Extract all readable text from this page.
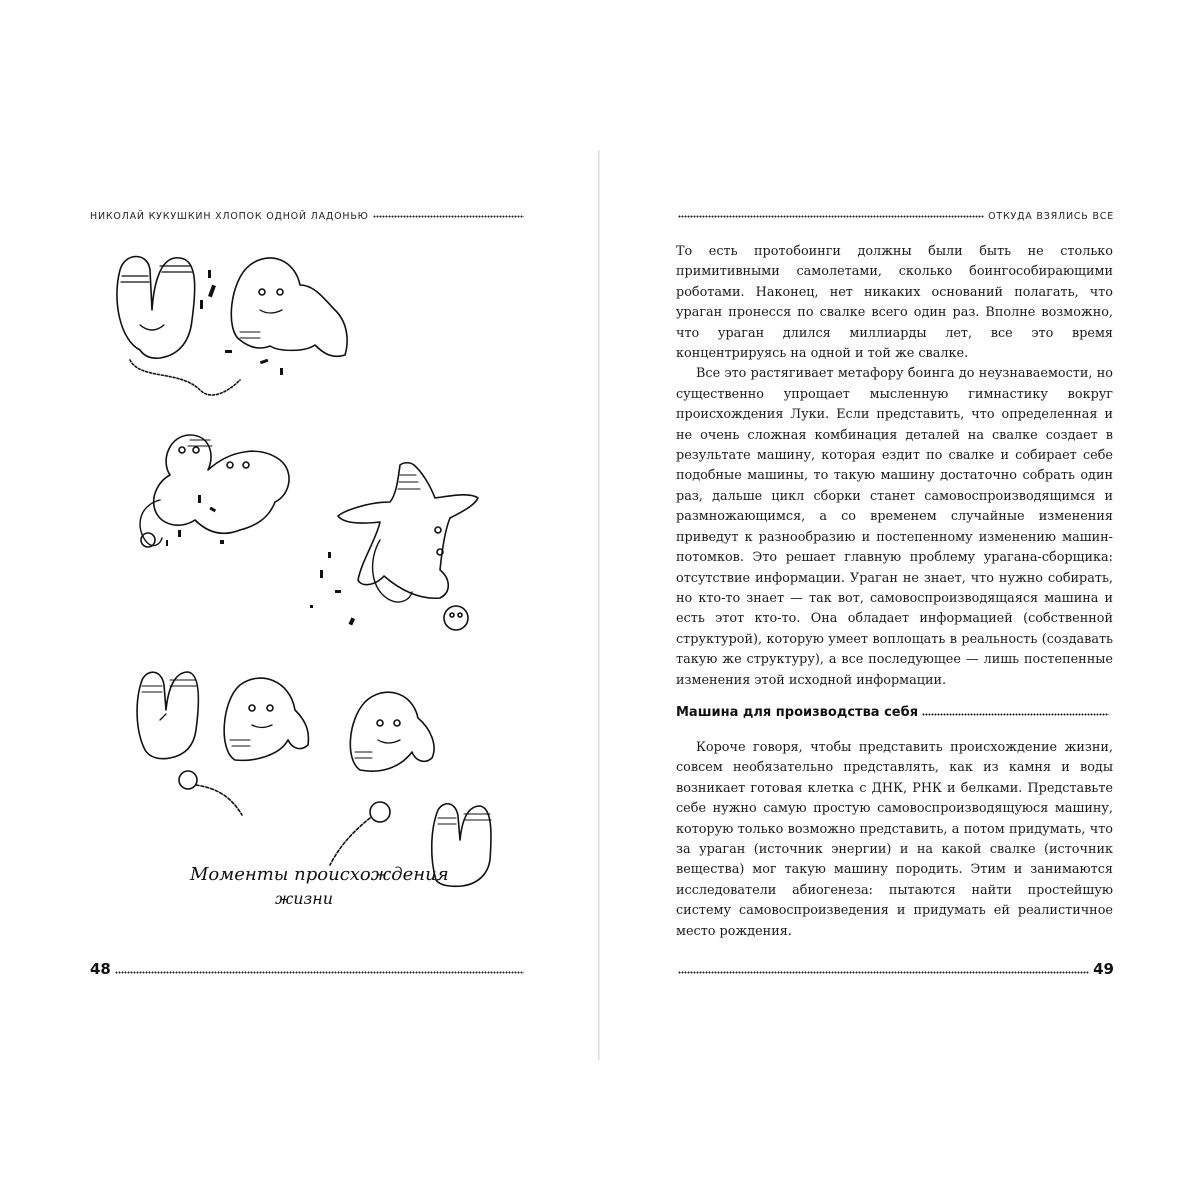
НИКОЛАЙ КУКУШКИН ХЛОПОК ОДНОЙ ЛАДОНЬЮ
Моменты происхождения
жизни
48
ОТКУДА ВЗЯЛИСЬ ВСЕ

То есть протобоинги должны были быть не столько примитивными самолетами, сколько боингособирающими роботами. Наконец, нет никаких оснований полагать, что ураган пронесся по свалке всего один раз. Вполне возможно, что ураган длился миллиарды лет, все это время концентрируясь на одной и той же свалке.

Все это растягивает метафору боинга до неузнаваемости, но существенно упрощает мысленную гимнастику вокруг происхождения Луки. Если представить, что определенная и не очень сложная комбинация деталей на свалке создает в результате машину, которая ездит по свалке и собирает себе подобные машины, то такую машину достаточно собрать один раз, дальше цикл сборки станет самовоспроизводящимся и размножающимся, а со временем случайные изменения приведут к разнообразию и постепенному изменению машин-потомков. Это решает главную проблему урагана-сборщика: отсутствие информации. Ураган не знает, что нужно собирать, но кто-то знает — так вот, самовоспроизводящаяся машина и есть этот кто-то. Она обладает информацией (собственной структурой), которую умеет воплощать в реальность (создавать такую же структуру), а все последующее — лишь постепенные изменения этой исходной информации.

Машина для производства себя

Короче говоря, чтобы представить происхождение жизни, совсем необязательно представлять, как из камня и воды возникает готовая клетка с ДНК, РНК и белками. Представьте себе нужно самую простую самовоспроизводящуюся машину, которую только возможно представить, а потом придумать, что за ураган (источник энергии) и на какой свалке (источник вещества) мог такую машину породить. Этим и занимаются исследователи абиогенеза: пытаются найти простейшую систему самовоспроизведения и придумать ей реалистичное место рождения.

49
